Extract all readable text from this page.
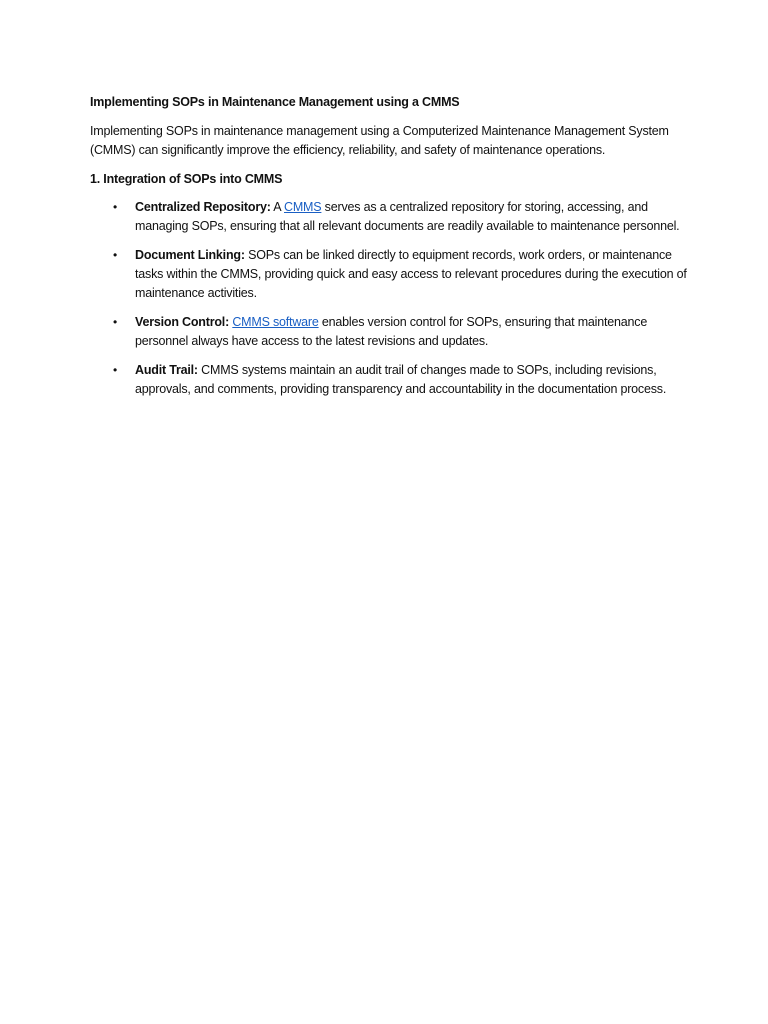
Implementing SOPs in Maintenance Management using a CMMS

Implementing SOPs in maintenance management using a Computerized Maintenance Management System (CMMS) can significantly improve the efficiency, reliability, and safety of maintenance operations.

1. Integration of SOPs into CMMS

• Centralized Repository: A CMMS serves as a centralized repository for storing, accessing, and managing SOPs, ensuring that all relevant documents are readily available to maintenance personnel.
• Document Linking: SOPs can be linked directly to equipment records, work orders, or maintenance tasks within the CMMS, providing quick and easy access to relevant procedures during the execution of maintenance activities.
• Version Control: CMMS software enables version control for SOPs, ensuring that maintenance personnel always have access to the latest revisions and updates.
• Audit Trail: CMMS systems maintain an audit trail of changes made to SOPs, including revisions, approvals, and comments, providing transparency and accountability in the documentation process.
